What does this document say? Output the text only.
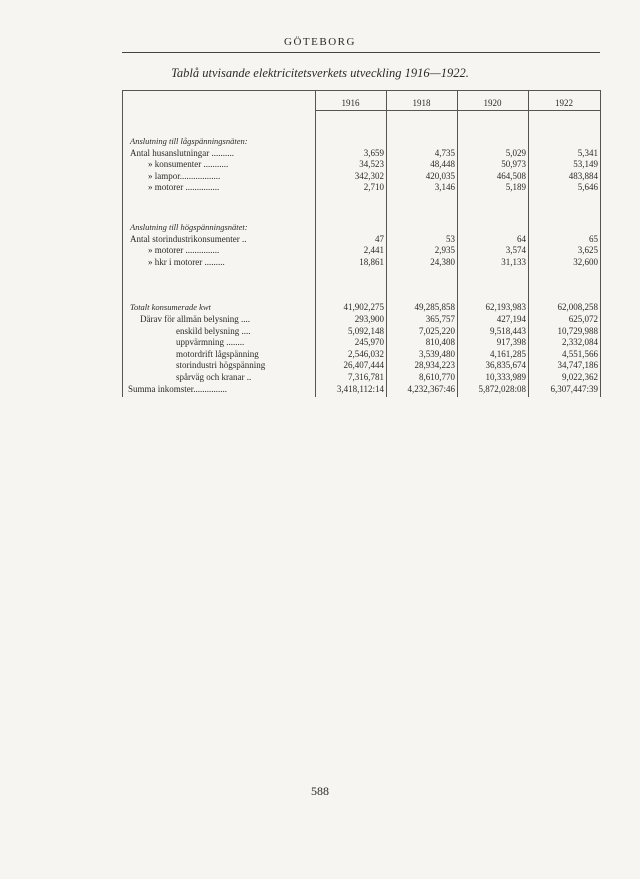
GÖTEBORG
Tablå utvisande elektricitetsverkets utveckling 1916—1922.
1916	1918	1920	1922
Anslutning till lågspänningsnäten:
Antal husanslutningar ..........	3,659	4,735	5,029	5,341
» konsumenter ...........	34,523	48,448	50,973	53,149
» lampor..................	342,302	420,035	464,508	483,884
» motorer ...............	2,710	3,146	5,189	5,646
Anslutning till högspänningsnätet:
Antal storindustrikonsumenter ..	47	53	64	65
» motorer ...............	2,441	2,935	3,574	3,625
» hkr i motorer .........	18,861	24,380	31,133	32,600
Totalt konsumerade kwt	41,902,275	49,285,858	62,193,983	62,008,258
Därav för allmän belysning ....	293,900	365,757	427,194	625,072
enskild belysning ....	5,092,148	7,025,220	9,518,443	10,729,988
uppvärmning ........	245,970	810,408	917,398	2,332,084
motordrift lågspänning	2,546,032	3,539,480	4,161,285	4,551,566
storindustri högspänning	26,407,444	28,934,223	36,835,674	34,747,186
spårväg och kranar ..	7,316,781	8,610,770	10,333,989	9,022,362
Summa inkomster...............	3,418,112:14	4,232,367:46	5,872,028:08	6,307,447:39
588
